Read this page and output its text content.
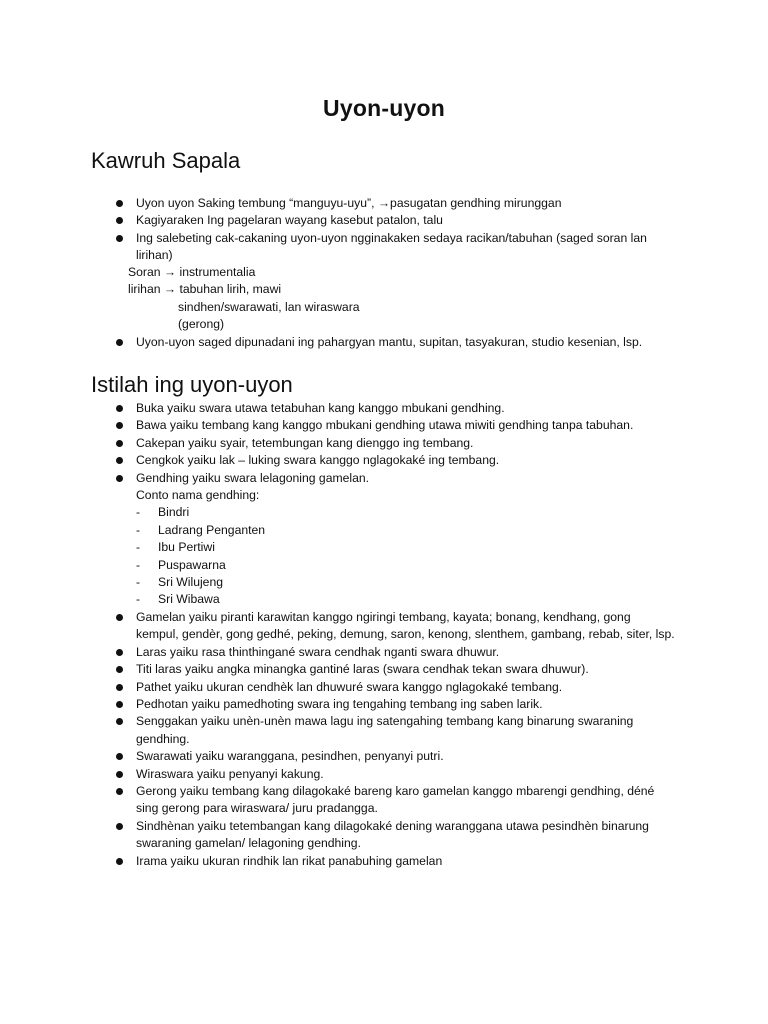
Uyon-uyon
Kawruh Sapala
Uyon uyon Saking tembung “manguyu-uyu”, →pasugatan gendhing mirunggan
Kagiyaraken Ing pagelaran wayang kasebut patalon, talu
Ing salebeting cak-cakaning uyon-uyon ngginakaken sedaya racikan/tabuhan (saged soran lan lirihan)
Soran → instrumentalia
lirihan → tabuhan lirih, mawi
sindhen/swarawati, lan wiraswara
(gerong)
Uyon-uyon saged dipunadani ing pahargyan mantu, supitan, tasyakuran, studio kesenian, lsp.
Istilah ing uyon-uyon
Buka yaiku swara utawa tetabuhan kang kanggo mbukani gendhing.
Bawa yaiku tembang kang kanggo mbukani gendhing utawa miwiti gendhing tanpa tabuhan.
Cakepan yaiku syair, tetembungan kang dienggo ing tembang.
Cengkok yaiku lak – luking swara kanggo nglagokaké ing tembang.
Gendhing yaiku swara lelagoning gamelan.
Conto nama gendhing:
- Bindri
- Ladrang Penganten
- Ibu Pertiwi
- Puspawarna
- Sri Wilujeng
- Sri Wibawa
Gamelan yaiku piranti karawitan kanggo ngiringi tembang, kayata; bonang, kendhang, gong kempul, gendèr, gong gedhé, peking, demung, saron, kenong, slenthem, gambang, rebab, siter, lsp.
Laras yaiku rasa thinthingané swara cendhak nganti swara dhuwur.
Titi laras yaiku angka minangka gantiné laras (swara cendhak tekan swara dhuwur).
Pathet yaiku ukuran cendhèk lan dhuwuré swara kanggo nglagokaké tembang.
Pedhotan yaiku pamedhoting swara ing tengahing tembang ing saben larik.
Senggakan yaiku unèn-unèn mawa lagu ing satengahing tembang kang binarung swaraning gendhing.
Swarawati yaiku waranggana, pesindhen, penyanyi putri.
Wiraswara yaiku penyanyi kakung.
Gerong yaiku tembang kang dilagokaké bareng karo gamelan kanggo mbarengi gendhing, déné sing gerong para wiraswara/ juru pradangga.
Sindhènan yaiku tetembangan kang dilagokaké dening waranggana utawa pesindhèn binarung swaraning gamelan/ lelagoning gendhing.
Irama yaiku ukuran rindhik lan rikat panabuhing gamelan
